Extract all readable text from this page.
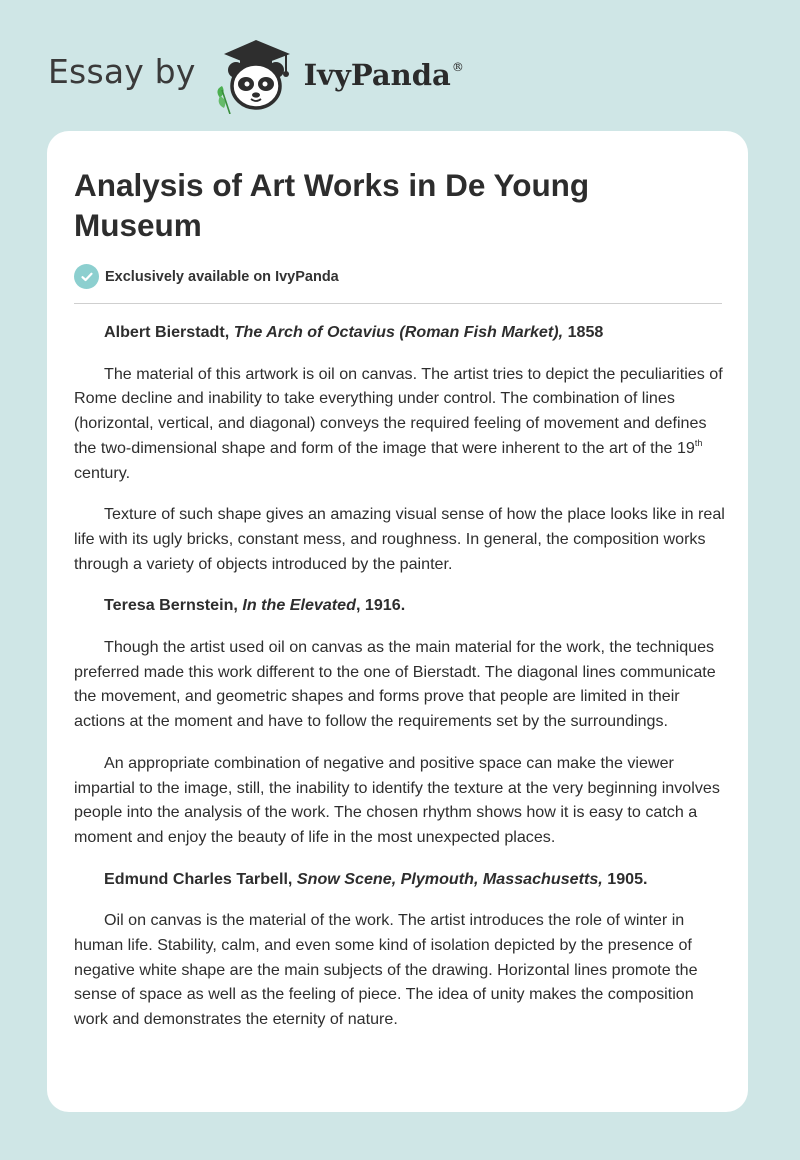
Essay by	IvyPanda®
Analysis of Art Works in De Young Museum
Exclusively available on IvyPanda

Albert Bierstadt, The Arch of Octavius (Roman Fish Market), 1858

The material of this artwork is oil on canvas. The artist tries to depict the peculiarities of Rome decline and inability to take everything under control. The combination of lines (horizontal, vertical, and diagonal) conveys the required feeling of movement and defines the two-dimensional shape and form of the image that were inherent to the art of the 19th century.

Texture of such shape gives an amazing visual sense of how the place looks like in real life with its ugly bricks, constant mess, and roughness. In general, the composition works through a variety of objects introduced by the painter.

Teresa Bernstein, In the Elevated, 1916.

Though the artist used oil on canvas as the main material for the work, the techniques preferred made this work different to the one of Bierstadt. The diagonal lines communicate the movement, and geometric shapes and forms prove that people are limited in their actions at the moment and have to follow the requirements set by the surroundings.

An appropriate combination of negative and positive space can make the viewer impartial to the image, still, the inability to identify the texture at the very beginning involves people into the analysis of the work. The chosen rhythm shows how it is easy to catch a moment and enjoy the beauty of life in the most unexpected places.

Edmund Charles Tarbell, Snow Scene, Plymouth, Massachusetts, 1905.

Oil on canvas is the material of the work. The artist introduces the role of winter in human life. Stability, calm, and even some kind of isolation depicted by the presence of negative white shape are the main subjects of the drawing. Horizontal lines promote the sense of space as well as the feeling of piece. The idea of unity makes the composition work and demonstrates the eternity of nature.
